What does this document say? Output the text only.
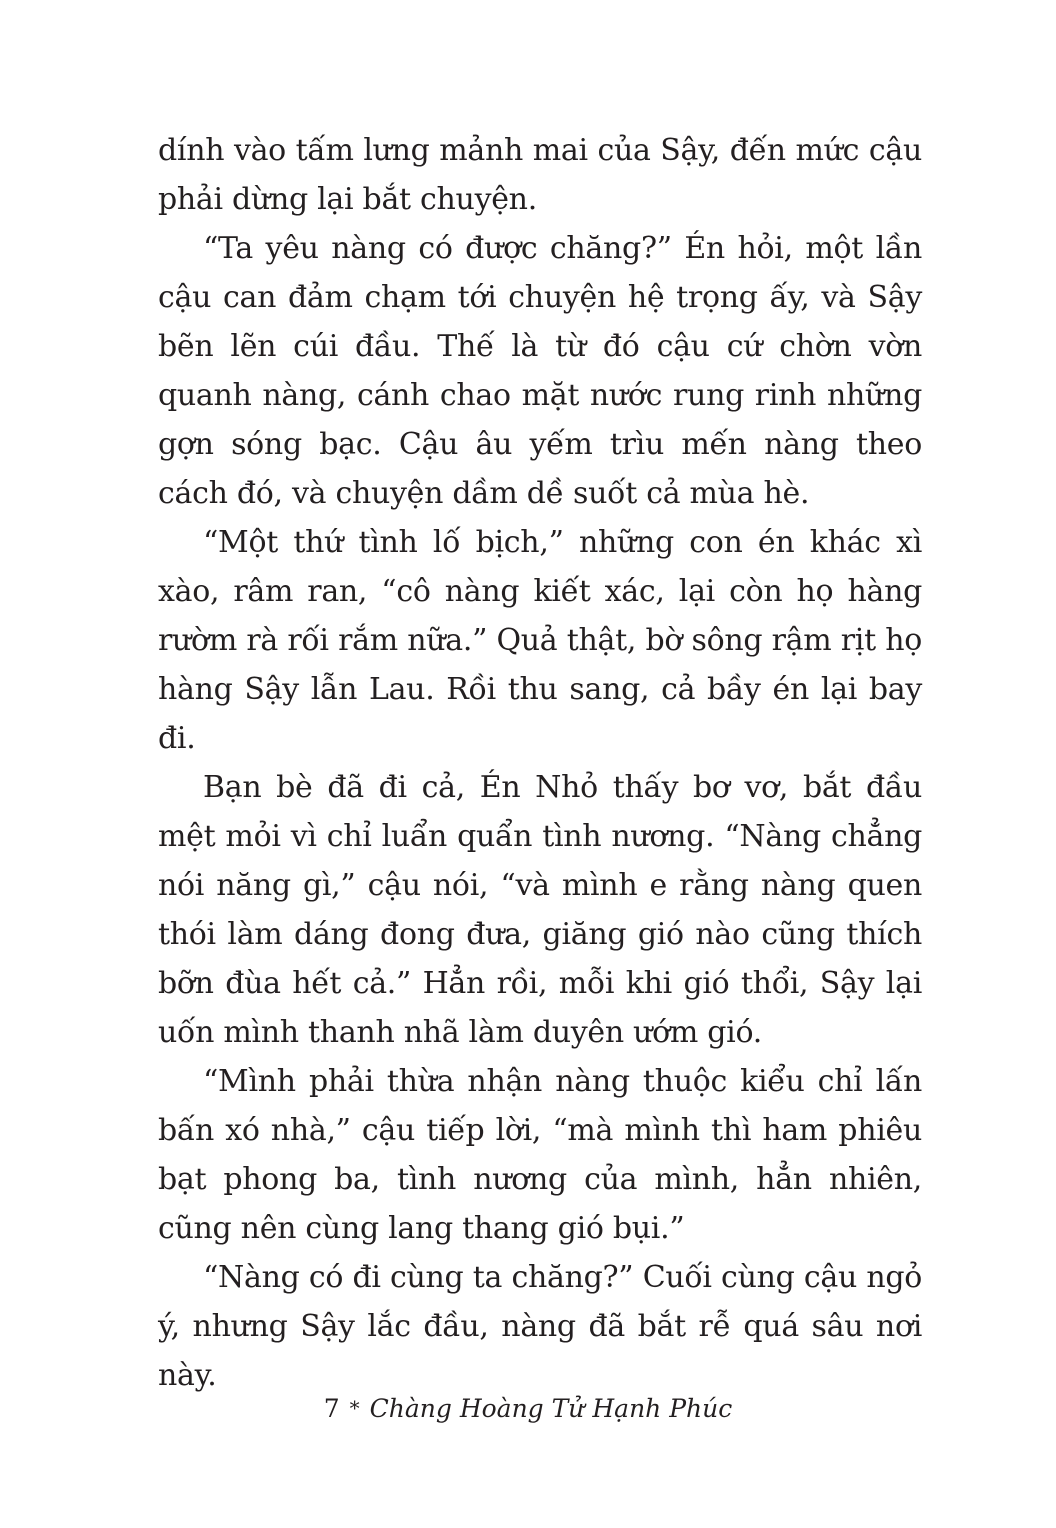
dính vào tấm lưng mảnh mai của Sậy, đến mức cậu phải dừng lại bắt chuyện.

“Ta yêu nàng có được chăng?” Én hỏi, một lần cậu can đảm chạm tới chuyện hệ trọng ấy, và Sậy bẽn lẽn cúi đầu. Thế là từ đó cậu cứ chờn vờn quanh nàng, cánh chao mặt nước rung rinh những gợn sóng bạc. Cậu âu yếm trìu mến nàng theo cách đó, và chuyện dầm dề suốt cả mùa hè.

“Một thứ tình lố bịch,” những con én khác xì xào, râm ran, “cô nàng kiết xác, lại còn họ hàng rườm rà rối rắm nữa.” Quả thật, bờ sông rậm rịt họ hàng Sậy lẫn Lau. Rồi thu sang, cả bầy én lại bay đi.

Bạn bè đã đi cả, Én Nhỏ thấy bơ vơ, bắt đầu mệt mỏi vì chỉ luẩn quẩn tình nương. “Nàng chẳng nói năng gì,” cậu nói, “và mình e rằng nàng quen thói làm dáng đong đưa, giăng gió nào cũng thích bỡn đùa hết cả.” Hẳn rồi, mỗi khi gió thổi, Sậy lại uốn mình thanh nhã làm duyên ướm gió.

“Mình phải thừa nhận nàng thuộc kiểu chỉ lấn bấn xó nhà,” cậu tiếp lời, “mà mình thì ham phiêu bạt phong ba, tình nương của mình, hẳn nhiên, cũng nên cùng lang thang gió bụi.”

“Nàng có đi cùng ta chăng?” Cuối cùng cậu ngỏ ý, nhưng Sậy lắc đầu, nàng đã bắt rễ quá sâu nơi này.

7 * Chàng Hoàng Tử Hạnh Phúc
